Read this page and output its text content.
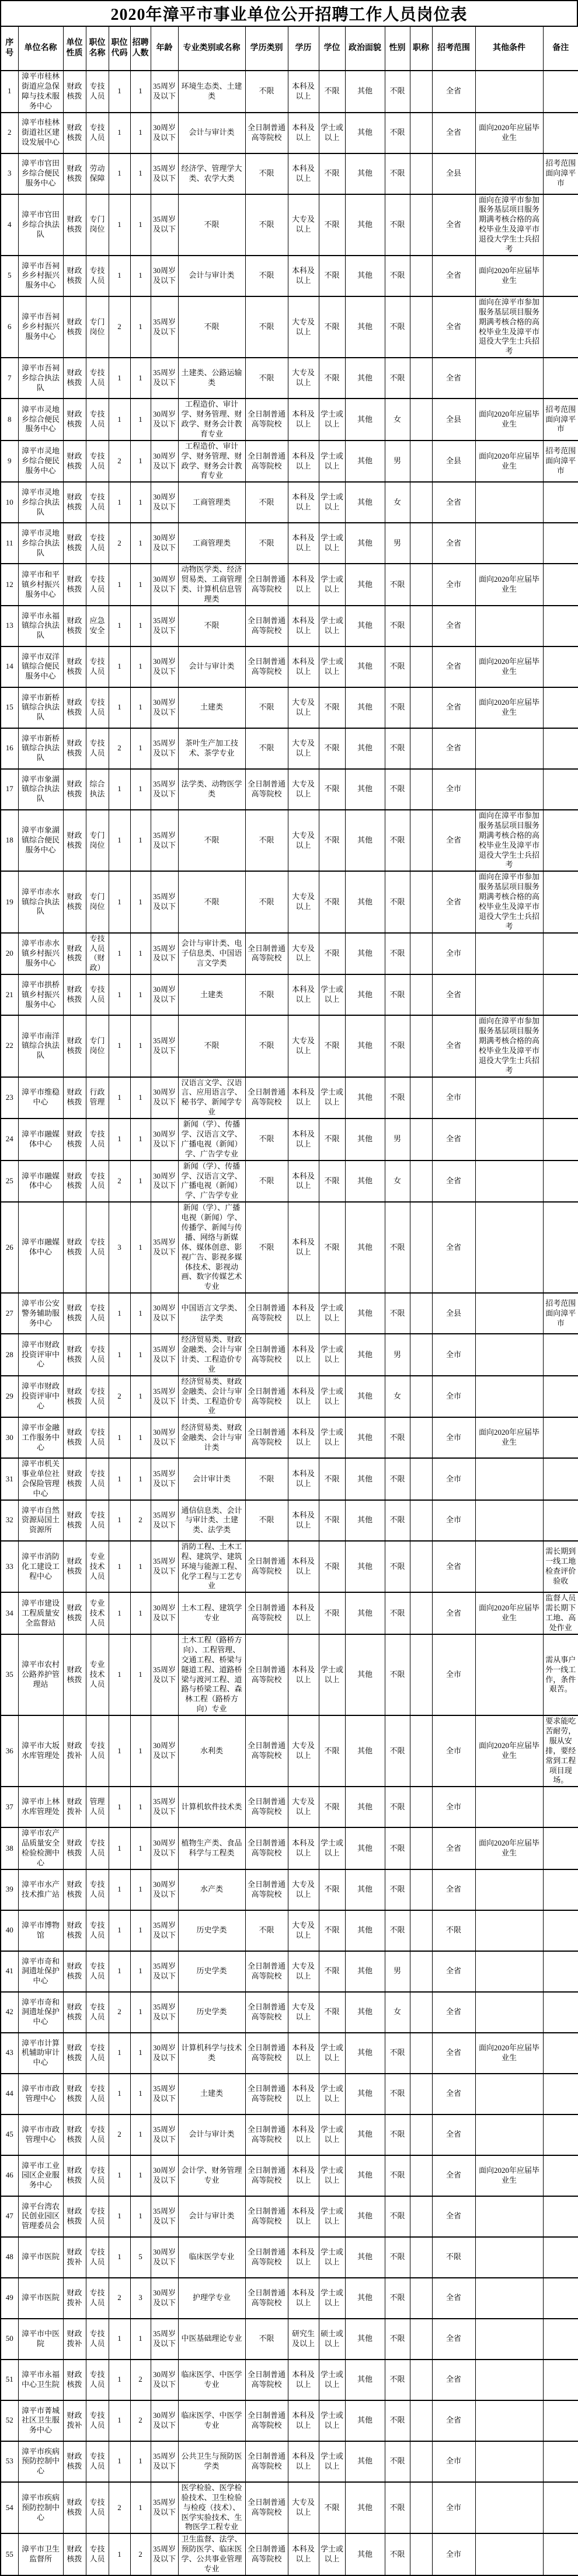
2020年漳平市事业单位公开招聘工作人员岗位表
序号	单位名称	单位性质	职位名称	职位代码	招聘人数	年龄	专业类别或名称	学历类别	学历	学位	政治面貌	性别	职称	招考范围	其他条件	备注
1	漳平市桂林街道应急保障与技术服务中心	财政核拨	专技人员	1	1	35周岁及以下	环境生态类、土建类	不限	本科及以上	不限	其他	不限		全省		
2	漳平市桂林街道社区建设发展中心	财政核拨	专技人员	1	1	30周岁及以下	会计与审计类	全日制普通高等院校	本科及以上	学士或以上	其他	不限		全省	面向2020年应届毕业生	
3	漳平市官田乡综合便民服务中心	财政核拨	劳动保障	1	1	35周岁及以下	经济学、管理学大类、农学大类	不限	本科及以上	不限	其他	不限		全县		招考范围面向漳平市
4	漳平市官田乡综合执法队	财政核拨	专门岗位	1	1	35周岁及以下	不限	不限	大专及以上	不限	其他	不限		全省	面向在漳平市参加服务基层项目服务期满考核合格的高校毕业生及漳平市退役大学生士兵招考	
5	漳平市吾祠乡乡村振兴服务中心	财政核拨	专技人员	1	1	30周岁及以下	会计与审计类	不限	本科及以上	不限	其他	不限		全省	面向2020年应届毕业生	
6	漳平市吾祠乡乡村振兴服务中心	财政核拨	专门岗位	2	1	35周岁及以下	不限	不限	大专及以上	不限	其他	不限		全省	面向在漳平市参加服务基层项目服务期满考核合格的高校毕业生及漳平市退役大学生士兵招考	
7	漳平市吾祠乡综合执法队	财政核拨	专技人员	1	1	35周岁及以下	土建类、公路运输类	不限	大专及以上	不限	其他	不限		全省		
8	漳平市灵地乡综合便民服务中心	财政核拨	专技人员	1	1	30周岁及以下	工程造价、审计学、财务管理、财政学、财务会计教育专业	全日制普通高等院校	本科及以上	学士或以上	其他	女		全县	面向2020年应届毕业生	招考范围面向漳平市
9	漳平市灵地乡综合便民服务中心	财政核拨	专技人员	2	1	30周岁及以下	工程造价、审计学、财务管理、财政学、财务会计教育专业	全日制普通高等院校	本科及以上	学士或以上	其他	男		全县	面向2020年应届毕业生	招考范围面向漳平市
10	漳平市灵地乡综合执法队	财政核拨	专技人员	1	1	30周岁及以下	工商管理类	不限	本科及以上	学士或以上	其他	女		全省		
11	漳平市灵地乡综合执法队	财政核拨	专技人员	2	1	30周岁及以下	工商管理类	不限	本科及以上	学士或以上	其他	男		全省		
12	漳平市和平镇乡村振兴服务中心	财政核拨	专技人员	1	1	30周岁及以下	动物医学类、经济贸易类、工商管理类、计算机信息管理类	全日制普通高等院校	本科及以上	学士或以上	其他	不限		全市	面向2020年应届毕业生	
13	漳平市永福镇综合执法队	财政核拨	应急安全	1	1	35周岁及以下	不限	全日制普通高等院校	本科及以上	学士或以上	其他	不限		全省		
14	漳平市双洋镇综合便民服务中心	财政核拨	专技人员	1	1	30周岁及以下	会计与审计类	全日制普通高等院校	本科及以上	学士或以上	其他	不限		全省	面向2020年应届毕业生	
15	漳平市新桥镇综合执法队	财政核拨	专技人员	1	1	30周岁及以下	土建类	不限	大专及以上	不限	其他	不限		全省	面向2020年应届毕业生	
16	漳平市新桥镇综合执法队	财政核拨	专技人员	2	1	35周岁及以下	茶叶生产加工技术、茶学专业	不限	大专及以上	不限	其他	不限		全省		
17	漳平市象湖镇综合执法队	财政核拨	综合执法	1	1	35周岁及以下	法学类、动物医学类	全日制普通高等院校	大专及以上	不限	其他	不限		全市		
18	漳平市象湖镇综合便民服务中心	财政核拨	专门岗位	1	1	35周岁及以下	不限	不限	大专及以上	不限	其他	不限		全省	面向在漳平市参加服务基层项目服务期满考核合格的高校毕业生及漳平市退役大学生士兵招考	
19	漳平市赤水镇综合执法队	财政核拨	专门岗位	1	1	35周岁及以下	不限	不限	大专及以上	不限	其他	不限		全省	面向在漳平市参加服务基层项目服务期满考核合格的高校毕业生及漳平市退役大学生士兵招考	
20	漳平市赤水镇乡村振兴服务中心	财政核拨	专技人员（财政）	1	1	35周岁及以下	会计与审计类、电子信息类、中国语言文学类	全日制普通高等院校	大专及以上	不限	其他	不限		全市		
21	漳平市拱桥镇乡村振兴服务中心	财政核拨	专技人员	1	1	30周岁及以下	土建类	不限	本科及以上	学士或以上	其他	不限		全省		
22	漳平市南洋镇综合执法队	财政核拨	专门岗位	1	1	35周岁及以下	不限	不限	大专及以上	不限	其他	不限		全省	面向在漳平市参加服务基层项目服务期满考核合格的高校毕业生及漳平市退役大学生士兵招考	
23	漳平市维稳中心	财政核拨	行政管理	1	1	30周岁及以下	汉语言文学、汉语言、应用语言学、秘书学、新闻学专业	全日制普通高等院校	本科及以上	学士或以上	其他	不限		全市		
24	漳平市融媒体中心	财政核拨	专技人员	1	1	30周岁及以下	新闻（学）、传播学、汉语言文学、广播电视（新闻）学、广告学专业	不限	本科及以上	不限	其他	男		全省		
25	漳平市融媒体中心	财政核拨	专技人员	2	1	30周岁及以下	新闻（学）、传播学、汉语言文学、广播电视（新闻）学、广告学专业	不限	本科及以上	不限	其他	女		全省		
26	漳平市融媒体中心	财政核拨	专技人员	3	1	35周岁及以下	新闻（学）、广播电视（新闻）学、传播学、新闻与传播、网络与新媒体、媒体创意、影视广告、影视多媒体技术、影视动画、数字传媒艺术专业	不限	本科及以上	不限	其他	不限		全省		
27	漳平市公安警务辅助服务中心	财政核拨	专技人员	1	1	30周岁及以下	中国语言文学类、法学类	全日制普通高等院校	本科及以上	学士或以上	其他	不限		全县		招考范围面向漳平市
28	漳平市财政投资评审中心	财政核拨	专技人员	1	1	35周岁及以下	经济贸易类、财政金融类、会计与审计类、工程造价专业	全日制普通高等院校	本科及以上	学士或以上	其他	男		全市		
29	漳平市财政投资评审中心	财政核拨	专技人员	2	1	35周岁及以下	经济贸易类、财政金融类、会计与审计类、工程造价专业	全日制普通高等院校	本科及以上	学士或以上	其他	女		全市		
30	漳平市金融工作服务中心	财政核拨	专技人员	1	1	30周岁及以下	经济贸易类、财政金融类、会计与审计类	全日制普通高等院校	本科及以上	学士或以上	其他	不限		全市	面向2020年应届毕业生	
31	漳平市机关事业单位社会保险管理中心	财政核拨	专技人员	1	1	35周岁及以下	会计审计类	不限	本科及以上	不限	其他	不限		全市		
32	漳平市自然资源局国土资源所	财政核拨	专技人员	1	2	35周岁及以下	通信信息类、会计与审计类、土建类、法学类	不限	本科及以上	不限	其他	不限		全市		
33	漳平市消防化工建设工程中心	财政核拨	专业技术人员	1	1	35周岁及以下	消防工程、土木工程、建筑学、建筑环境与能源工程、化学工程与工艺专业	全日制普通高等院校	本科及以上	不限	其他	不限		全省		需长期到一线工地检查评价验收
34	漳平市建设工程质量安全监督站	财政核拨	专业技术人员	1	1	30周岁及以下	土木工程、建筑学专业	全日制普通高等院校	本科及以上	不限	其他	不限		全省	面向2020年应届毕业生	监督人员需长期下工地、高处作业
35	漳平市农村公路养护管理站	财政核拨	专业技术人员	1	1	35周岁及以下	土木工程（路桥方向）、工程管理、交通工程、桥梁与隧道工程、道路桥梁与渡河工程、道路与桥梁工程、森林工程（路桥方向）专业	全日制普通高等院校	本科及以上	学士或以上	其他	不限		全市		需从事户外一线工作，条件艰苦。
36	漳平市大坂水库管理处	财政拨补	专技人员	1	1	30周岁及以下	水利类	全日制普通高等院校	大专及以上	不限	其他	不限		全市	面向2020年应届毕业生	要求能吃苦耐劳，服从安排，要经常到工程项目现场。
37	漳平市上林水库管理处	财政拨补	管理人员	1	1	35周岁及以下	计算机软件技术类	全日制普通高等院校	大专及以上	不限	其他	不限		全市		
38	漳平市农产品质量安全检验检测中心	财政核拨	专技人员	1	1	30周岁及以下	植物生产类、食品科学与工程类	全日制普通高等院校	本科及以上	学士或以上	其他	不限		全省	面向2020年应届毕业生	
39	漳平市水产技术推广站	财政核拨	专技人员	1	1	30周岁及以下	水产类	全日制普通高等院校	大专及以上	不限	其他	不限		全省		
40	漳平市博物馆	财政核拨	专技人员	1	1	35周岁及以下	历史学类	不限	大专及以上	不限	其他	不限		不限		
41	漳平市奇和洞遗址保护中心	财政核拨	专技人员	1	1	35周岁及以下	历史学类	全日制普通高等院校	大专及以上	不限	其他	男		全省		
42	漳平市奇和洞遗址保护中心	财政核拨	专技人员	2	1	35周岁及以下	历史学类	全日制普通高等院校	大专及以上	不限	其他	女		全省		
43	漳平市计算机辅助审计中心	财政核拨	专技人员	1	1	30周岁及以下	计算机科学与技术类	全日制普通高等院校	本科及以上	学士或以上	其他	不限		全省	面向2020年应届毕业生	
44	漳平市市政管理中心	财政核拨	专技人员	1	1	35周岁及以下	土建类	全日制普通高等院校	本科及以上	学士或以上	其他	不限		全省		
45	漳平市市政管理中心	财政核拨	专技人员	2	1	35周岁及以下	会计与审计类	全日制普通高等院校	本科及以上	学士或以上	其他	不限		全省		
46	漳平市工业园区企业服务中心	财政核拨	专技人员	1	1	30周岁及以下	会计学、财务管理专业	全日制普通高等院校	本科及以上	学士或以上	其他	不限		全省	面向2020年应届毕业生	
47	漳平台湾农民创业园区管理委员会	财政核拨	专技人员	1	1	35周岁及以下	会计与审计类	全日制普通高等院校	本科及以上	学士或以上	其他	不限		全省		
48	漳平市医院	财政拨补	专技人员	1	5	30周岁及以下	临床医学专业	全日制普通高等院校	本科及以上	学士或以上	其他	不限		不限		
49	漳平市医院	财政拨补	专技人员	2	3	30周岁及以下	护理学专业	全日制普通高等院校	本科及以上	学士或以上	其他	不限		全省		
50	漳平市中医院	财政拨补	专技人员	1	1	35周岁及以下	中医基础理论专业	不限	研究生及以上	硕士或以上	其他	不限		全省		
51	漳平市永福中心卫生院	财政核拨	专技人员	1	2	30周岁及以下	临床医学、中医学专业	全日制普通高等院校	本科及以上	学士或以上	其他	不限		全省		
52	漳平市菁城社区卫生服务中心	财政拨补	专技人员	1	2	30周岁及以下	临床医学、中医学专业	全日制普通高等院校	本科及以上	学士或以上	其他	不限		全省		
53	漳平市疾病预防控制中心	财政核拨	专技人员	1	1	35周岁及以下	公共卫生与预防医学类	全日制普通高等院校	本科及以上	学士或以上	其他	不限		全市		
54	漳平市疾病预防控制中心	财政核拨	专技人员	2	1	35周岁及以下	医学检验、医学检验技术、卫生检验与检疫（技术）、医学实验技术、生物医学工程专业	全日制普通高等院校	大专及以上	不限	其他	不限		全市		
55	漳平市卫生监督所	财政核拨	专技人员	1	2	35周岁及以下	卫生监督、法学、预防医学、临床医学、公共事业管理专业	全日制普通高等院校	本科及以上	学士或以上	其他	不限		全市		
